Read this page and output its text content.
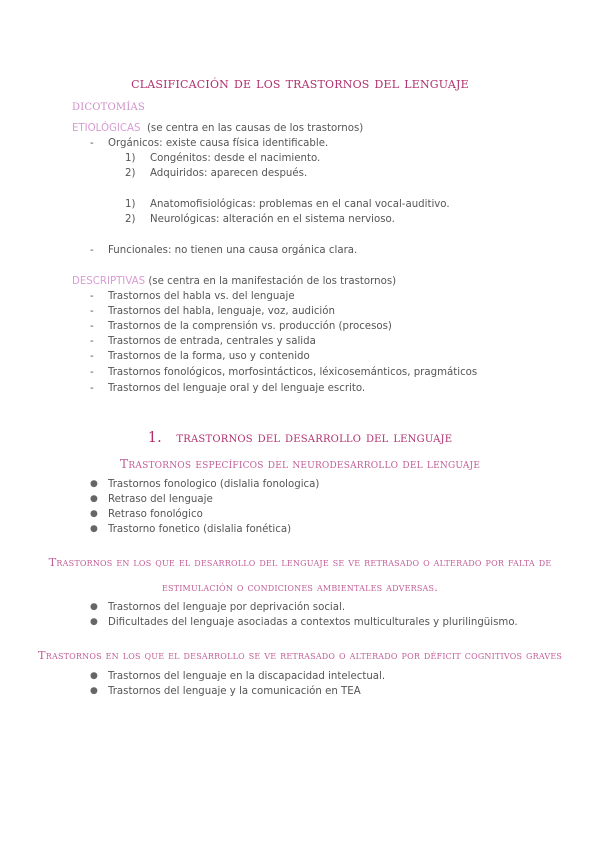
clasificación de los trastornos del lenguaje
dicotomías
ETIOLÓGICAS (se centra en las causas de los trastornos)
- Orgánicos: existe causa física identificable.
1) Congénitos: desde el nacimiento.
2) Adquiridos: aparecen después.
1) Anatomofisiológicas: problemas en el canal vocal-auditivo.
2) Neurológicas: alteración en el sistema nervioso.
- Funcionales: no tienen una causa orgánica clara.
DESCRIPTIVAS (se centra en la manifestación de los trastornos)
- Trastornos del habla vs. del lenguaje
- Trastornos del habla, lenguaje, voz, audición
- Trastornos de la comprensión vs. producción (procesos)
- Trastornos de entrada, centrales y salida
- Trastornos de la forma, uso y contenido
- Trastornos fonológicos, morfosintácticos, léxicosemánticos, pragmáticos
- Trastornos del lenguaje oral y del lenguaje escrito.
1. trastornos del desarrollo del lenguaje
Trastornos específicos del neurodesarrollo del lenguaje
● Trastornos fonologico (dislalia fonologica)
● Retraso del lenguaje
● Retraso fonológico
● Trastorno fonetico (dislalia fonética)
Trastornos en los que el desarrollo del lenguaje se ve retrasado o alterado por falta de
estimulación o condiciones ambientales adversas.
● Trastornos del lenguaje por deprivación social.
● Dificultades del lenguaje asociadas a contextos multiculturales y plurilingüismo.
Trastornos en los que el desarrollo se ve retrasado o alterado por déficit cognitivos graves
● Trastornos del lenguaje en la discapacidad intelectual.
● Trastornos del lenguaje y la comunicación en TEA
